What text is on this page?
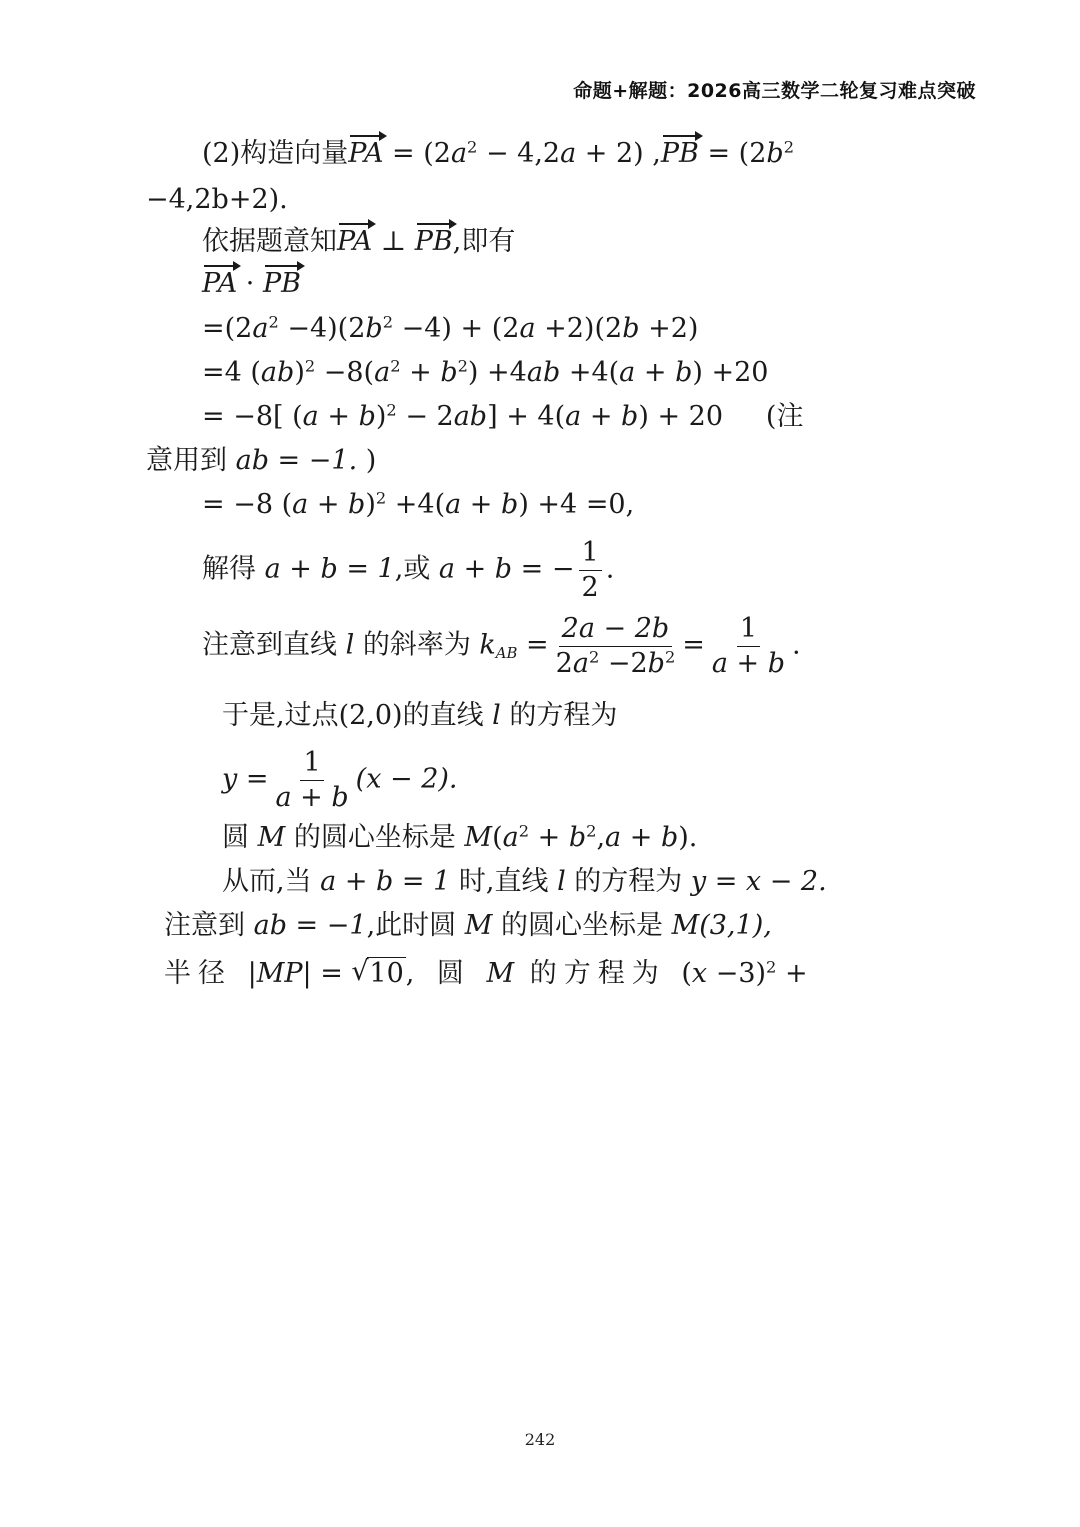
命题+解题：2026高三数学二轮复习难点突破
(2)构造向量PA = $(2a^2 - 4,2a + 2) ,PB = (2b^2$
−4,2b+2).
依据题意知PA ⊥ PB,即有
PA · PB
$=(2a^2 -4)(2b^2 -4) + (2a +2)(2b +2)$
=4 $(ab)^2 -8(a^2 + b^2) +4ab +4(a + b) +20$
= −8[ $(a + b)^2 - 2ab] + 4(a + b) + 20$     (注
意用到 ab = −1. )
= −8 $(a + b)^2 +4(a + b) +4 =0$,
解得 a + b = 1,或 a + b = − $\frac{1}{2}$ .
注意到直线 l 的斜率为 $k_{AB} = \frac{2a - 2b}{2a^2 -2b^2} = \frac{1}{a + b}$ .
于是,过点(2,0)的直线 l 的方程为
$y = \frac{1}{a + b} (x - 2)$.
圆 M 的圆心坐标是 $M(a^2 + b^2,a + b)$.
从而,当 a + b = 1 时,直线 l 的方程为 y = x − 2.
注意到 ab = −1,此时圆 M 的圆心坐标是 M(3,1),
半径 |MP| = √ 10, 圆 M 的方程为 $(x -3)^2$ +
242
